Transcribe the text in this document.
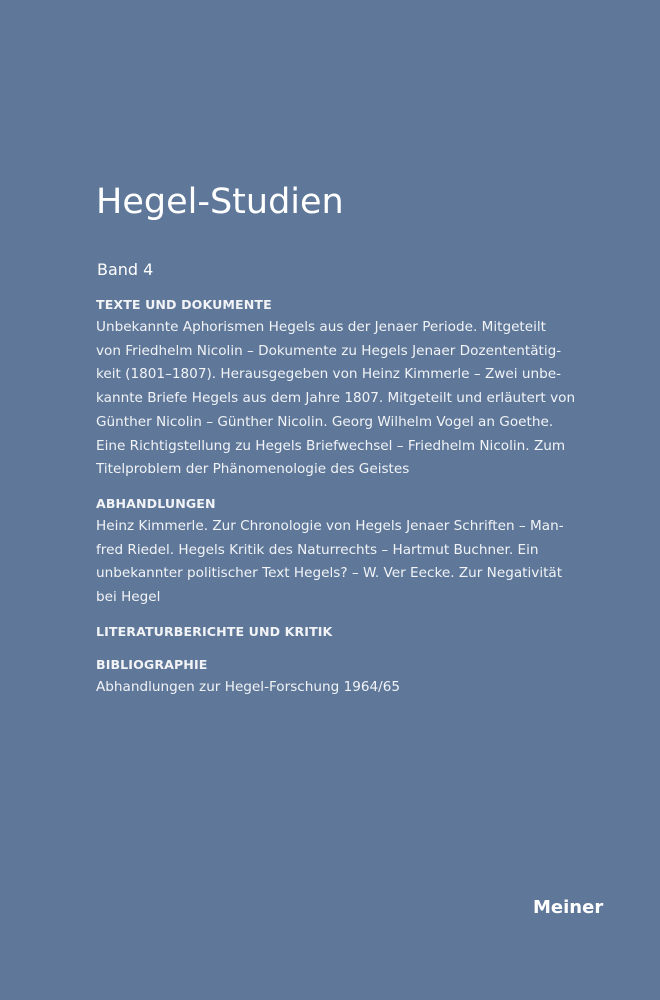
Hegel-Studien

Band 4

TEXTE UND DOKUMENTE
Unbekannte Aphorismen Hegels aus der Jenaer Periode. Mitgeteilt
von Friedhelm Nicolin – Dokumente zu Hegels Jenaer Dozententätig-
keit (1801–1807). Herausgegeben von Heinz Kimmerle – Zwei unbe-
kannte Briefe Hegels aus dem Jahre 1807. Mitgeteilt und erläutert von
Günther Nicolin – Günther Nicolin. Georg Wilhelm Vogel an Goethe.
Eine Richtigstellung zu Hegels Briefwechsel – Friedhelm Nicolin. Zum
Titelproblem der Phänomenologie des Geistes
ABHANDLUNGEN
Heinz Kimmerle. Zur Chronologie von Hegels Jenaer Schriften – Man-
fred Riedel. Hegels Kritik des Naturrechts – Hartmut Buchner. Ein
unbekannter politischer Text Hegels? – W. Ver Eecke. Zur Negativität
bei Hegel
LITERATURBERICHTE UND KRITIK
BIBLIOGRAPHIE
Abhandlungen zur Hegel-Forschung 1964/65

Meiner
